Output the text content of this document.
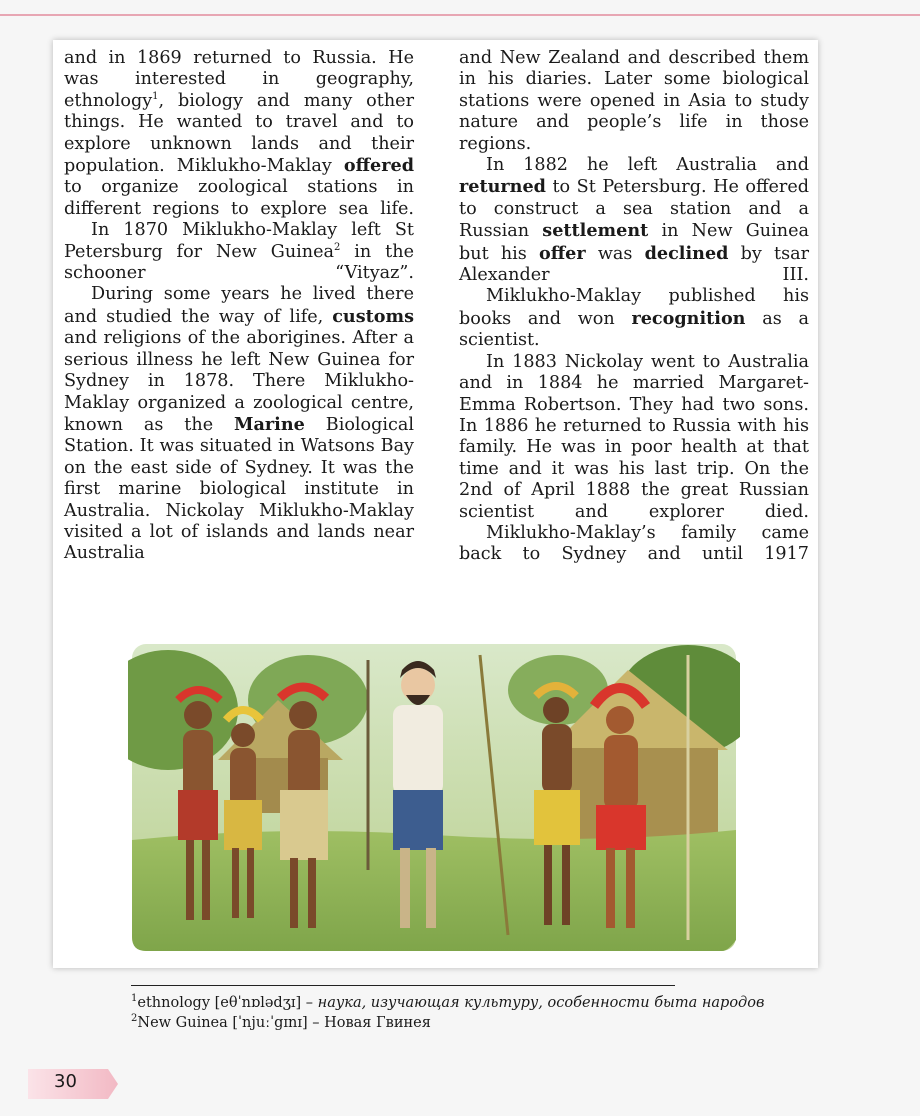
and in 1869 returned to Russia. He was interested in geography, ethnology$^1$, biology and many other things. He wanted to travel and to explore unknown lands and their population. Miklukho-Maklay offered to organize zoological stations in different regions to explore sea life.

In 1870 Miklukho-Maklay left St Petersburg for New Guinea$^2$ in the schooner “Vityaz”.

During some years he lived there and studied the way of life, customs and religions of the aborigines. After a serious illness he left New Guinea for Sydney in 1878. There Miklukho-Maklay organized a zoological centre, known as the Marine Biological Station. It was situated in Watsons Bay on the east side of Sydney. It was the first marine biological institute in Australia. Nickolay Miklukho-Maklay visited a lot of islands and lands near Australia

and New Zealand and described them in his diaries. Later some biological stations were opened in Asia to study nature and people’s life in those regions.

In 1882 he left Australia and returned to St Petersburg. He offered to construct a sea station and a Russian settlement in New Guinea but his offer was declined by tsar Alexander III.

Miklukho-Maklay published his books and won recognition as a scientist.

In 1883 Nickolay went to Australia and in 1884 he married Margaret-Emma Robertson. They had two sons. In 1886 he returned to Russia with his family. He was in poor health at that time and it was his last trip. On the 2nd of April 1888 the great Russian scientist and explorer died.

Miklukho-Maklay’s family came back to Sydney and until 1917

$^1$ethnology [eθˈnɒlədʒɪ] – наука, изучающая культуру, особенности быта народов
$^2$New Guinea [ˈnjuːˈgɪnɪ] – Новая Гвинея
30
